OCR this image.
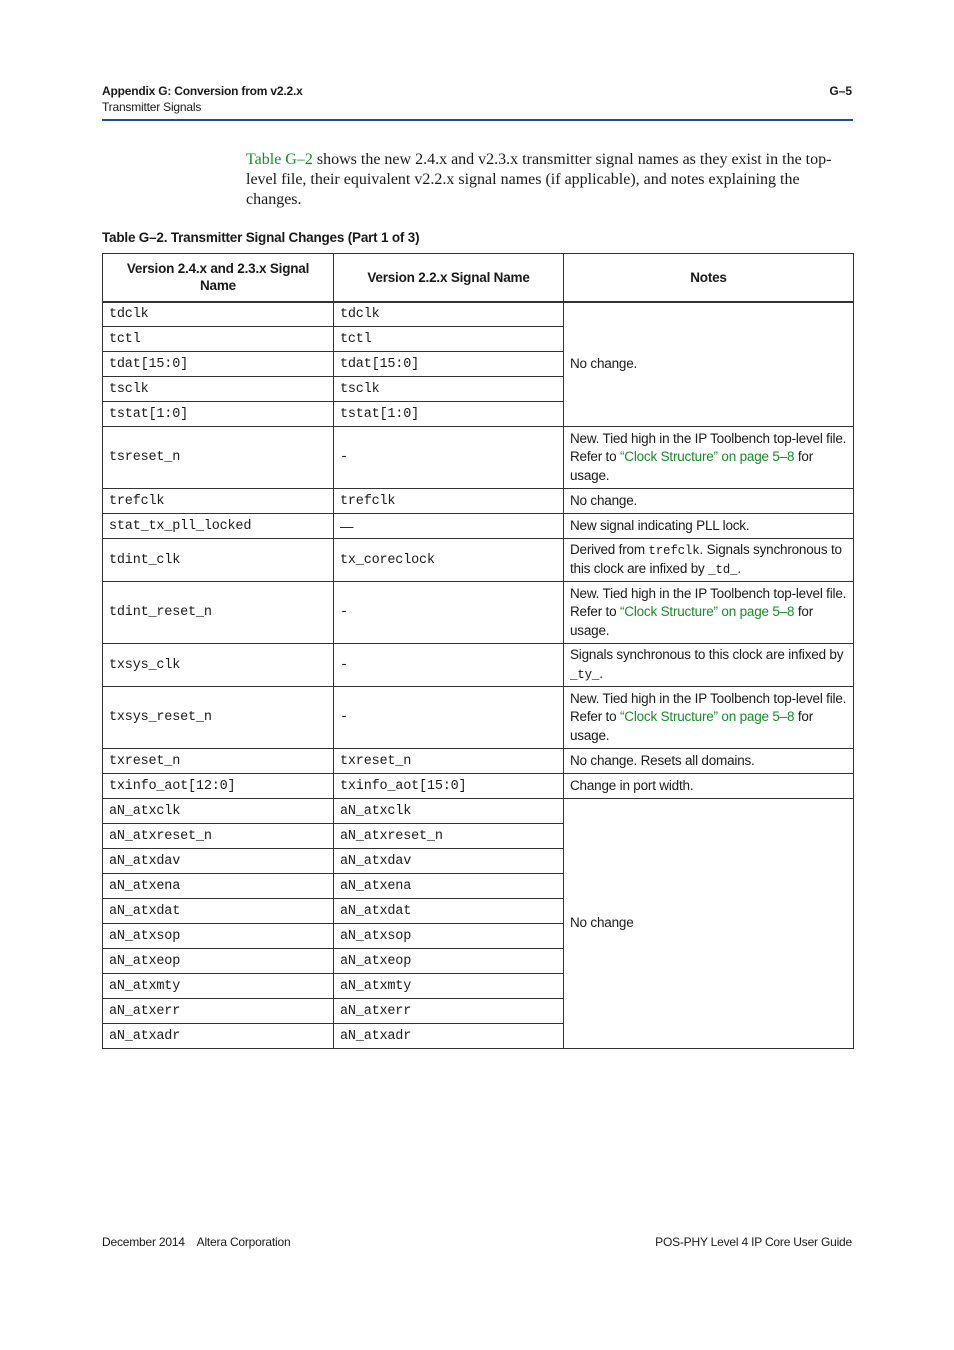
Appendix G: Conversion from v2.2.x
Transmitter Signals
G–5

Table G–2 shows the new 2.4.x and v2.3.x transmitter signal names as they exist in the top-level file, their equivalent v2.2.x signal names (if applicable), and notes explaining the changes.

Table G–2. Transmitter Signal Changes (Part 1 of 3)
Version 2.4.x and 2.3.x Signal Name	Version 2.2.x Signal Name	Notes
tdclk	tdclk	No change.
tctl	tctl	
tdat[15:0]	tdat[15:0]	
tsclk	tsclk	
tstat[1:0]	tstat[1:0]	
tsreset_n	-	New. Tied high in the IP Toolbench top-level file. Refer to “Clock Structure” on page 5–8 for usage.
trefclk	trefclk	No change.
stat_tx_pll_locked	—	New signal indicating PLL lock.
tdint_clk	tx_coreclock	Derived from trefclk. Signals synchronous to this clock are infixed by _td_.
tdint_reset_n	-	New. Tied high in the IP Toolbench top-level file. Refer to “Clock Structure” on page 5–8 for usage.
txsys_clk	-	Signals synchronous to this clock are infixed by _ty_.
txsys_reset_n	-	New. Tied high in the IP Toolbench top-level file. Refer to “Clock Structure” on page 5–8 for usage.
txreset_n	txreset_n	No change. Resets all domains.
txinfo_aot[12:0]	txinfo_aot[15:0]	Change in port width.
aN_atxclk	aN_atxclk	No change
aN_atxreset_n	aN_atxreset_n	
aN_atxdav	aN_atxdav	
aN_atxena	aN_atxena	
aN_atxdat	aN_atxdat	
aN_atxsop	aN_atxsop	
aN_atxeop	aN_atxeop	
aN_atxmty	aN_atxmty	
aN_atxerr	aN_atxerr	
aN_atxadr	aN_atxadr	
December 2014    Altera Corporation	POS-PHY Level 4 IP Core User Guide
